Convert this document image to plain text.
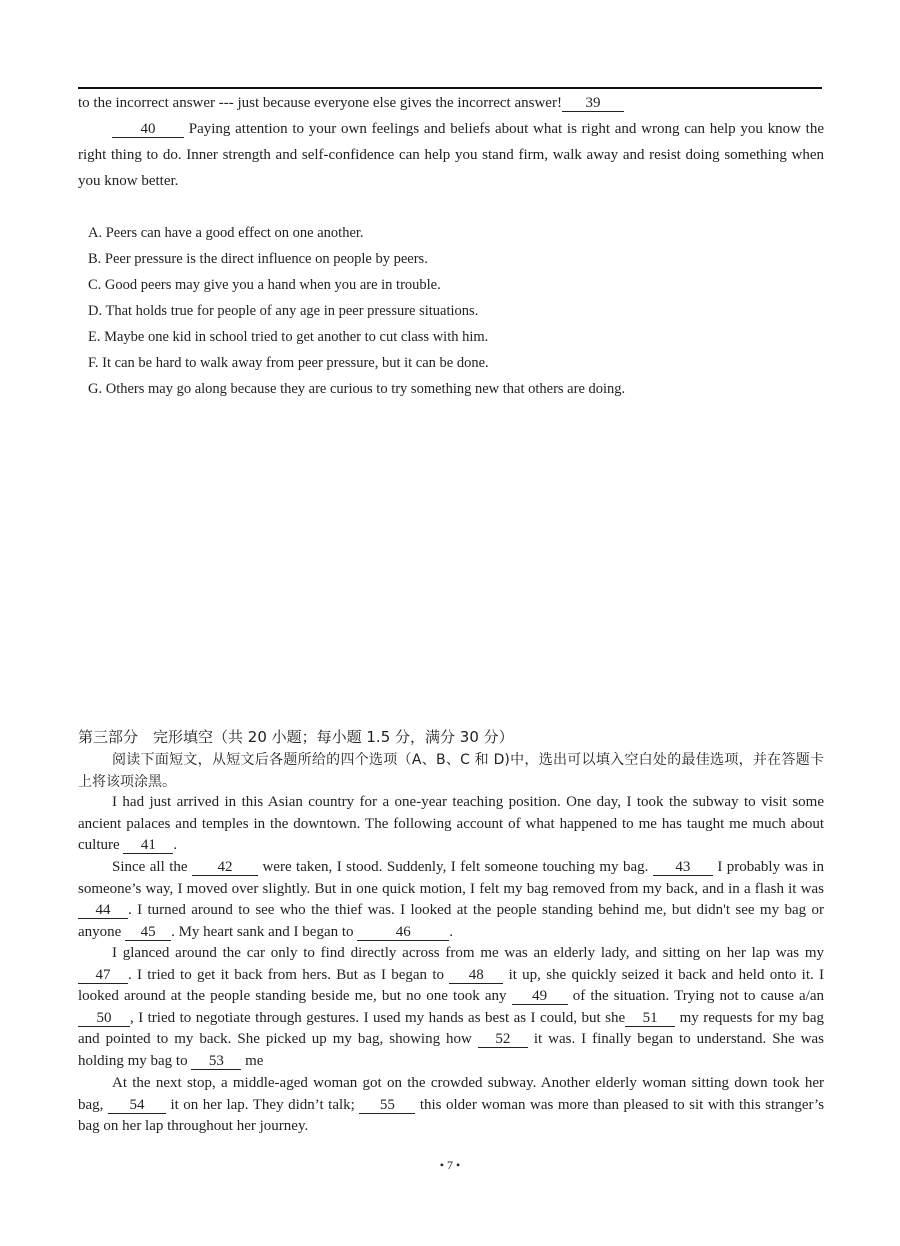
to the incorrect answer --- just because everyone else gives the incorrect answer! 39
40 Paying attention to your own feelings and beliefs about what is right and wrong can help you know the right thing to do. Inner strength and self-confidence can help you stand firm, walk away and resist doing something when you know better.
A. Peers can have a good effect on one another.
B. Peer pressure is the direct influence on people by peers.
C. Good peers may give you a hand when you are in trouble.
D. That holds true for people of any age in peer pressure situations.
E. Maybe one kid in school tried to get another to cut class with him.
F. It can be hard to walk away from peer pressure, but it can be done.
G. Others may go along because they are curious to try something new that others are doing.
第三部分　完形填空（共 20 小题；每小题 1.5 分，满分 30 分）
阅读下面短文，从短文后各题所给的四个选项（A、B、C 和 D)中，选出可以填入空白处的最佳选项，并在答题卡上将该项涂黑。
I had just arrived in this Asian country for a one-year teaching position. One day, I took the subway to visit some ancient palaces and temples in the downtown. The following account of what happened to me has taught me much about culture 41 .
Since all the 42 were taken, I stood. Suddenly, I felt someone touching my bag. 43 I probably was in someone’s way, I moved over slightly. But in one quick motion, I felt my bag removed from my back, and in a flash it was 44 . I turned around to see who the thief was. I looked at the people standing behind me, but didn't see my bag or anyone 45 . My heart sank and I began to	46	.
I glanced around the car only to find directly across from me was an elderly lady, and sitting on her lap was my 47 . I tried to get it back from hers. But as I began to 48 it up, she quickly seized it back and held onto it. I looked around at the people standing beside me, but no one took any 49 of the situation. Trying not to cause a/an 50 , I tried to negotiate through gestures. I used my hands as best as I could, but she 51 my requests for my bag and pointed to my back. She picked up my bag, showing how 52 it was. I finally began to understand. She was holding my bag to 53 me
At the next stop, a middle-aged woman got on the crowded subway. Another elderly woman sitting down took her bag, 54 it on her lap. They didn’t talk; 55 this older woman was more than pleased to sit with this stranger’s bag on her lap throughout her journey.
• 7 •
